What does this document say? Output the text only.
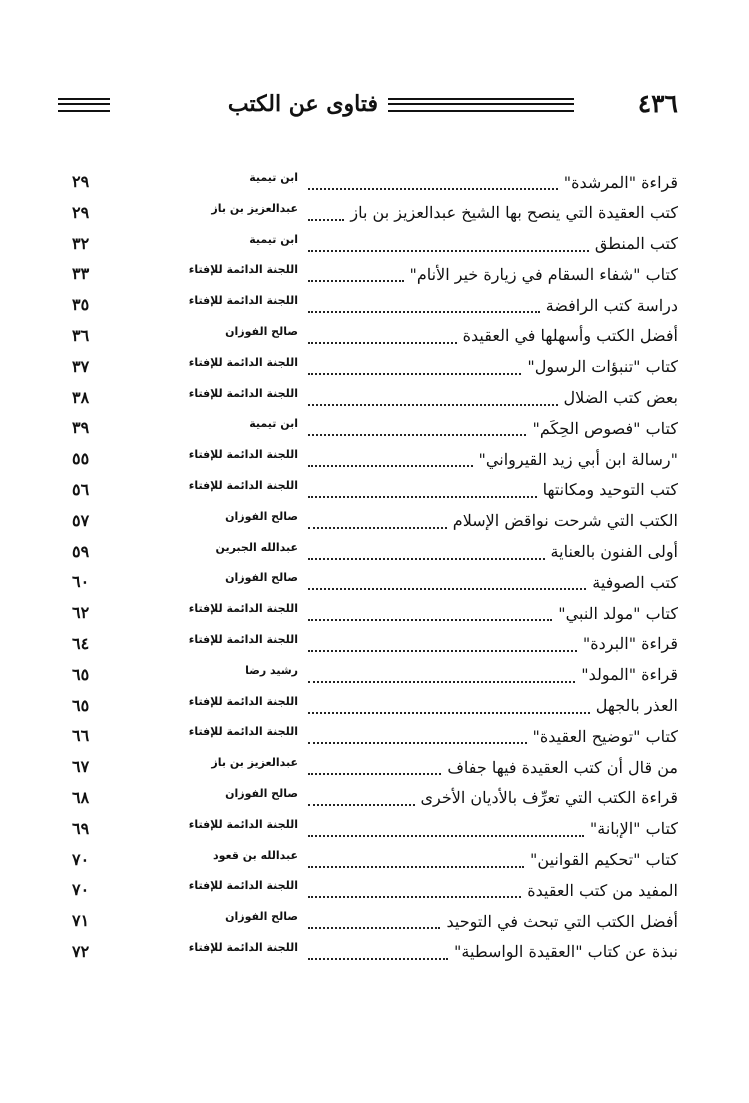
٤٣٦
فتاوى عن الكتب
قراءة "المرشدة"
ابن تيمية
٢٩
كتب العقيدة التي ينصح بها الشيخ عبدالعزيز بن باز
عبدالعزيز بن باز
٢٩
كتب المنطق
ابن تيمية
٣٢
كتاب "شفاء السقام في زيارة خير الأنام"
اللجنة الدائمة للإفتاء
٣٣
دراسة كتب الرافضة
اللجنة الدائمة للإفتاء
٣٥
أفضل الكتب وأسهلها في العقيدة
صالح الفوزان
٣٦
كتاب "تنبؤات الرسول"
اللجنة الدائمة للإفتاء
٣٧
بعض كتب الضلال
اللجنة الدائمة للإفتاء
٣٨
كتاب "فصوص الحِكَم"
ابن تيمية
٣٩
"رسالة ابن أبي زيد القيرواني"
اللجنة الدائمة للإفتاء
٥٥
كتب التوحيد ومكانتها
اللجنة الدائمة للإفتاء
٥٦
الكتب التي شرحت نواقض الإسلام
صالح الفوزان
٥٧
أولى الفنون بالعناية
عبدالله الجبرين
٥٩
كتب الصوفية
صالح الفوزان
٦٠
كتاب "مولد النبي"
اللجنة الدائمة للإفتاء
٦٢
قراءة "البردة"
اللجنة الدائمة للإفتاء
٦٤
قراءة "المولد"
رشيد رضا
٦٥
العذر بالجهل
اللجنة الدائمة للإفتاء
٦٥
كتاب "توضيح العقيدة"
اللجنة الدائمة للإفتاء
٦٦
من قال أن كتب العقيدة فيها جفاف
عبدالعزيز بن باز
٦٧
قراءة الكتب التي تعرِّف بالأديان الأخرى
صالح الفوزان
٦٨
كتاب "الإبانة"
اللجنة الدائمة للإفتاء
٦٩
كتاب "تحكيم القوانين"
عبدالله بن قعود
٧٠
المفيد من كتب العقيدة
اللجنة الدائمة للإفتاء
٧٠
أفضل الكتب التي تبحث في التوحيد
صالح الفوزان
٧١
نبذة عن كتاب "العقيدة الواسطية"
اللجنة الدائمة للإفتاء
٧٢
